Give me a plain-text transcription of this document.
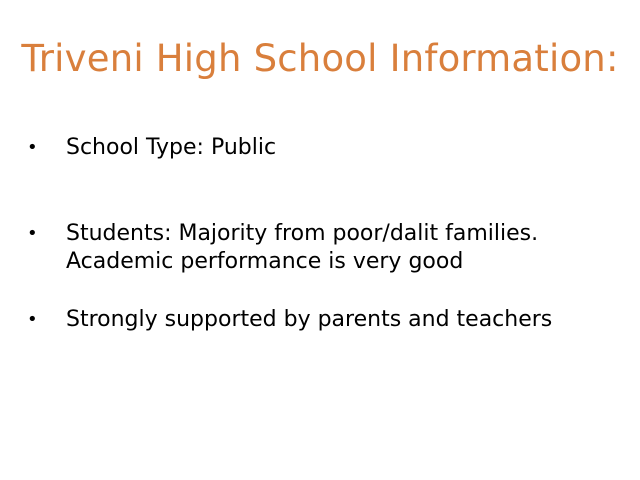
Triveni High School Information:
• School Type: Public
• Students: Majority from poor/dalit families.
Academic performance is very good
• Strongly supported by parents and teachers
